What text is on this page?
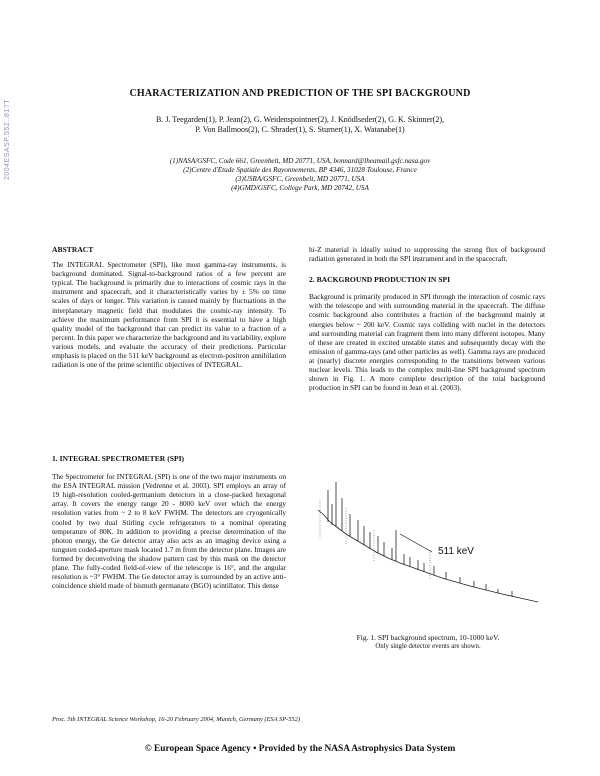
2004ESASP.552..817T
CHARACTERIZATION AND PREDICTION OF THE SPI BACKGROUND
B. J. Teegarden(1), P. Jean(2), G. Weidenspointner(2), J. Knödlseder(2), G. K. Skinner(2),
P. Von Ballmoos(2), C. Shrader(1), S. Sturner(1), X. Watanabe(1)
(1)NASA/GSFC, Code 661, Greenbelt, MD 20771, USA, bonnard@lheamail.gsfc.nasa.gov
(2)Centre d'Etude Spatiale des Rayonnements, BP 4346, 31028 Toulouse, France
(3)USRA/GSFC, Greenbelt, MD 20771, USA
(4)GMD/GSFC, College Park, MD 20742, USA

ABSTRACT

The INTEGRAL Spectrometer (SPI), like most gamma-ray instruments, is background dominated. Signal-to-background ratios of a few percent are typical. The background is primarily due to interactions of cosmic rays in the instrument and spacecraft, and it characteristically varies by ± 5% on time scales of days or longer. This variation is caused mainly by fluctuations in the interplanetary magnetic field that modulates the cosmic-ray intensity. To achieve the maximum performance from SPI it is essential to have a high quality model of the background that can predict its value to a fraction of a percent. In this paper we characterize the background and its variability, explore various models, and evaluate the accuracy of their predictions. Particular emphasis is placed on the 511 keV background as electron-positron annihilation radiation is one of the prime scientific objectives of INTEGRAL.

1. INTEGRAL SPECTROMETER (SPI)

The Spectrometer for INTEGRAL (SPI) is one of the two major instruments on the ESA INTEGRAL mission (Vedrenne et al. 2003). SPI employs an array of 19 high-resolution cooled-germanium detectors in a close-packed hexagonal array. It covers the energy range 20 - 8000 keV over which the energy resolution varies from ~ 2 to 8 keV FWHM. The detectors are cryogenically cooled by two dual Stirling cycle refrigerators to a nominal operating temperature of 80K. In addition to providing a precise determination of the photon energy, the Ge detector array also acts as an imaging device using a tungsten coded-aperture mask located 1.7 m from the detector plane. Images are formed by deconvolving the shadow pattern cast by this mask on the detector plane. The fully-coded field-of-view of the telescope is 16°, and the angular resolution is ~3° FWHM. The Ge detector array is surrounded by an active anti-coincidence shield made of bismuth germanate (BGO) scintillator. This dense

hi-Z material is ideally suited to suppressing the strong flux of background radiation generated in both the SPI instrument and in the spacecraft.

2. BACKGROUND PRODUCTION IN SPI

Background is primarily produced in SPI through the interaction of cosmic rays with the telescope and with surrounding material in the spacecraft. The diffuse cosmic background also contributes a fraction of the background mainly at energies below ~ 200 keV. Cosmic rays colliding with nuclei in the detectors and surrounding material can fragment them into many different isotopes. Many of these are created in excited unstable states and subsequently decay with the emission of gamma-rays (and other particles as well). Gamma rays are produced at (nearly) discrete energies corresponding to the transitions between various nuclear levels. This leads to the complex multi-line SPI background spectrum shown in Fig. 1. A more complete description of the total background production in SPI can be found in Jean et al. (2003).

511 keV
Fig. 1. SPI background spectrum, 10-1000 keV.
Only single detector events are shown.
Proc. 5th INTEGRAL Science Workshop, 16-20 February 2004, Munich, Germany (ESA SP-552)
© European Space Agency • Provided by the NASA Astrophysics Data System
